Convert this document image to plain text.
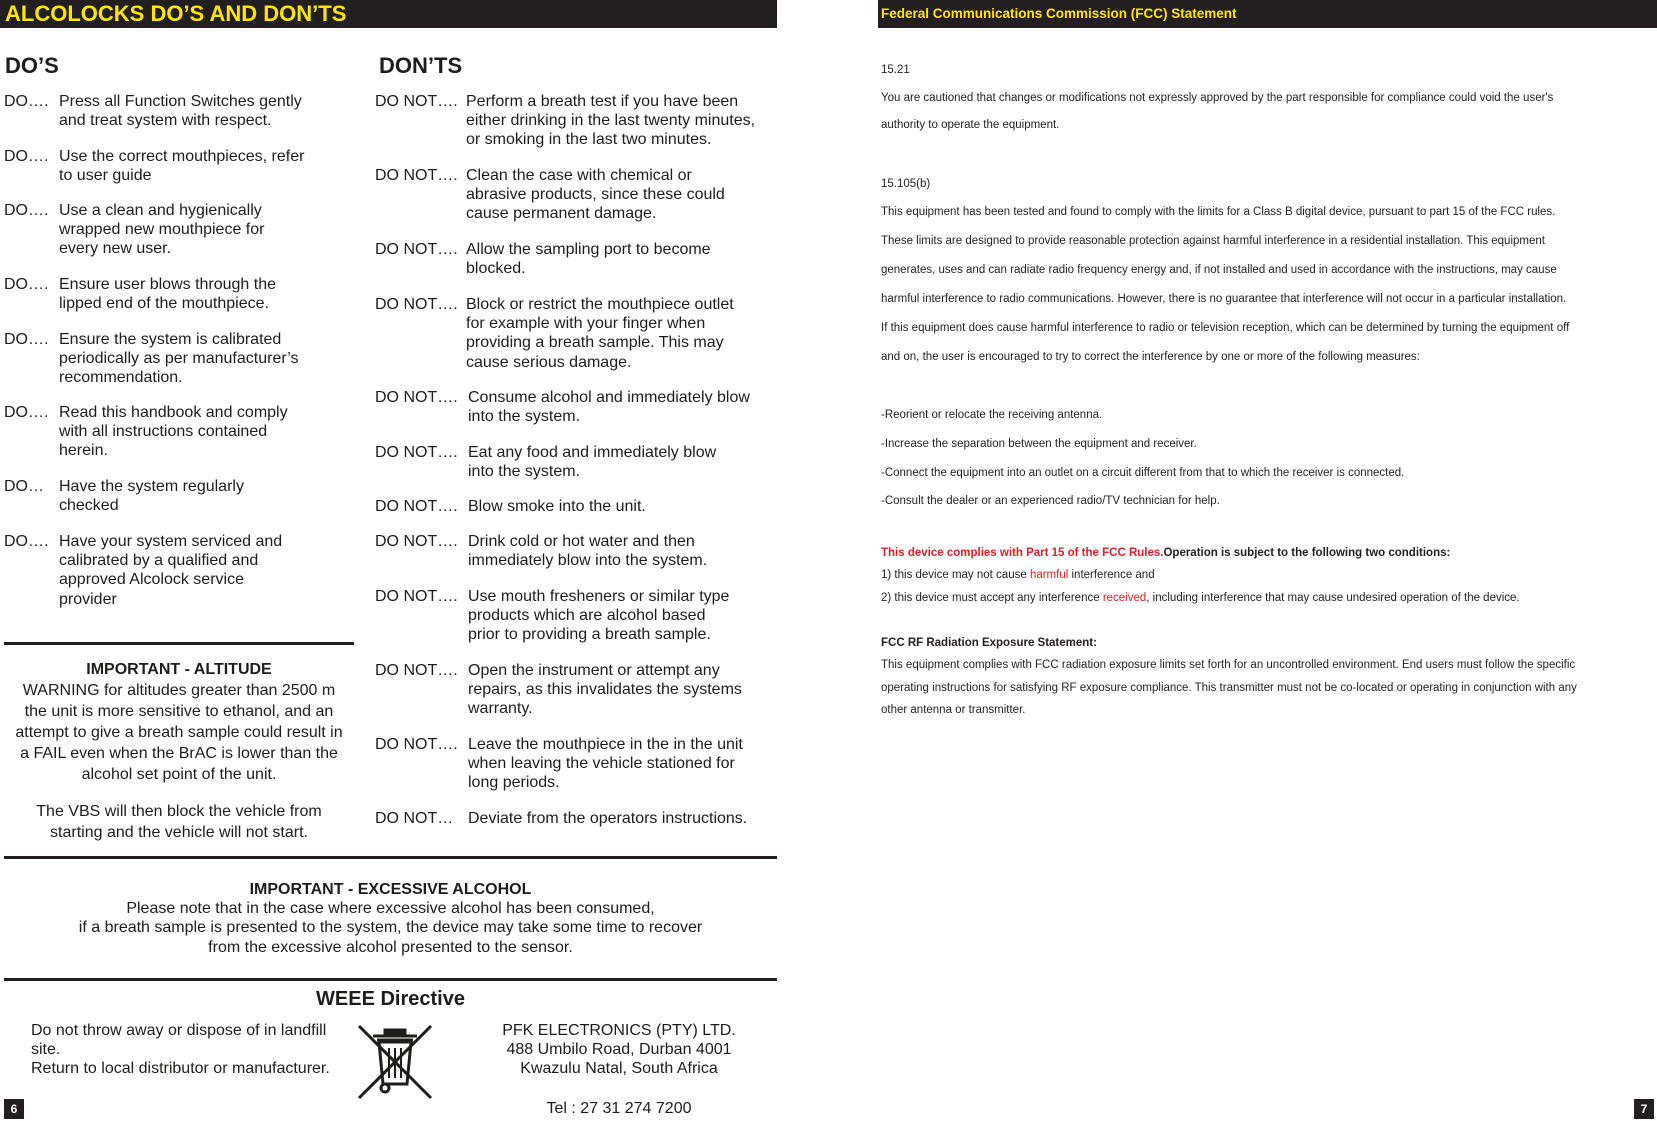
ALCOLOCKS DO’S AND DON’TS
DO’S	DON’TS
DO…. Press all Function Switches gently
and treat system with respect.
DO…. Use the correct mouthpieces, refer
to user guide
DO…. Use a clean and hygienically
wrapped new mouthpiece for
every new user.
DO…. Ensure user blows through the
lipped end of the mouthpiece.
DO…. Ensure the system is calibrated
periodically as per manufacturer’s
recommendation.
DO…. Read this handbook and comply
with all instructions contained
herein.
DO… Have the system regularly
checked
DO…. Have your system serviced and
calibrated by a qualified and
approved Alcolock service
provider
DO NOT…. Perform a breath test if you have been
either drinking in the last twenty minutes,
or smoking in the last two minutes.
DO NOT…. Clean the case with chemical or
abrasive products, since these could
cause permanent damage.
DO NOT…. Allow the sampling port to become
blocked.
DO NOT…. Block or restrict the mouthpiece outlet
for example with your finger when
providing a breath sample. This may
cause serious damage.
DO NOT…. Consume alcohol and immediately blow
into the system.
DO NOT…. Eat any food and immediately blow
into the system.
DO NOT…. Blow smoke into the unit.
DO NOT…. Drink cold or hot water and then
immediately blow into the system.
DO NOT…. Use mouth fresheners or similar type
products which are alcohol based
prior to providing a breath sample.
DO NOT…. Open the instrument or attempt any
repairs, as this invalidates the systems
warranty.
DO NOT…. Leave the mouthpiece in the in the unit
when leaving the vehicle stationed for
long periods.
DO NOT… Deviate from the operators instructions.
IMPORTANT - ALTITUDE
WARNING for altitudes greater than 2500 m
the unit is more sensitive to ethanol, and an
attempt to give a breath sample could result in
a FAIL even when the BrAC is lower than the
alcohol set point of the unit.
The VBS will then block the vehicle from
starting and the vehicle will not start.
IMPORTANT - EXCESSIVE ALCOHOL
Please note that in the case where excessive alcohol has been consumed,
if a breath sample is presented to the system, the device may take some time to recover
from the excessive alcohol presented to the sensor.
WEEE Directive
Do not throw away or dispose of in landfill
site.
Return to local distributor or manufacturer.
PFK ELECTRONICS (PTY) LTD.
488 Umbilo Road, Durban 4001
Kwazulu Natal, South Africa
Tel : 27 31 274 7200
6
Federal Communications Commission (FCC) Statement
15.21
You are cautioned that changes or modifications not expressly approved by the part responsible for compliance could void the user's
authority to operate the equipment.
15.105(b)
This equipment has been tested and found to comply with the limits for a Class B digital device, pursuant to part 15 of the FCC rules.
These limits are designed to provide reasonable protection against harmful interference in a residential installation. This equipment
generates, uses and can radiate radio frequency energy and, if not installed and used in accordance with the instructions, may cause
harmful interference to radio communications. However, there is no guarantee that interference will not occur in a particular installation.
If this equipment does cause harmful interference to radio or television reception, which can be determined by turning the equipment off
and on, the user is encouraged to try to correct the interference by one or more of the following measures:
-Reorient or relocate the receiving antenna.
-Increase the separation between the equipment and receiver.
-Connect the equipment into an outlet on a circuit different from that to which the receiver is connected.
-Consult the dealer or an experienced radio/TV technician for help.
This device complies with Part 15 of the FCC Rules.Operation is subject to the following two conditions:
1) this device may not cause harmful interference and
2) this device must accept any interference received, including interference that may cause undesired operation of the device.
FCC RF Radiation Exposure Statement:
This equipment complies with FCC radiation exposure limits set forth for an uncontrolled environment. End users must follow the specific
operating instructions for satisfying RF exposure compliance. This transmitter must not be co-located or operating in conjunction with any
other antenna or transmitter.
7
